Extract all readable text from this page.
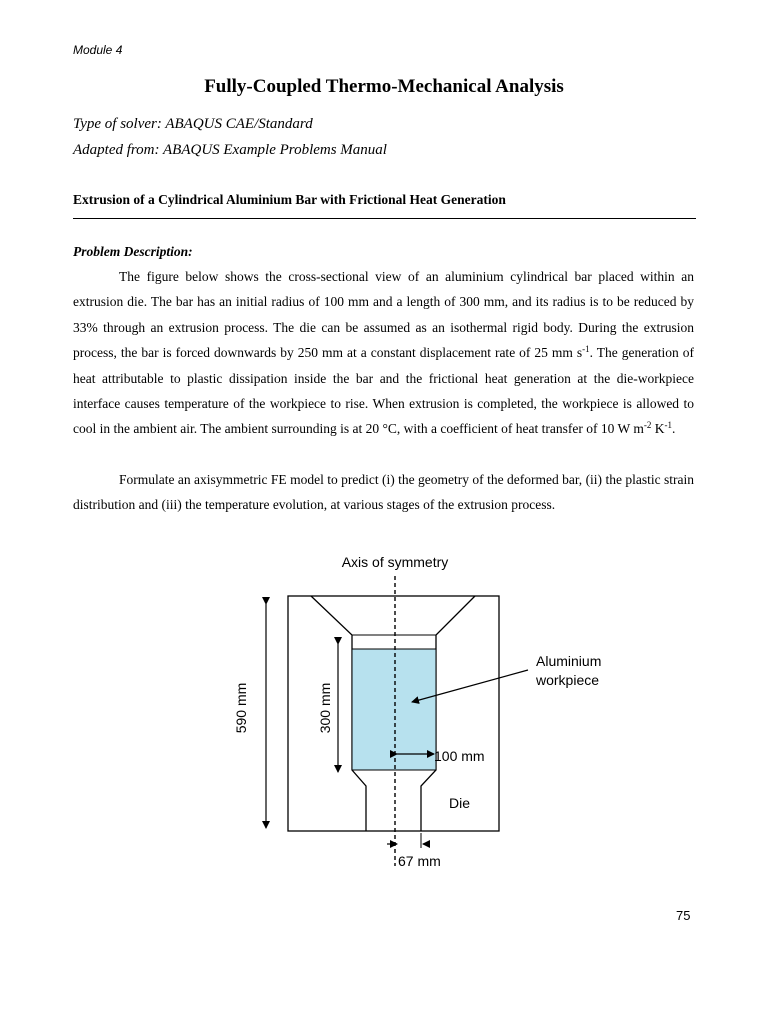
Module 4
Fully-Coupled Thermo-Mechanical Analysis
Type of solver: ABAQUS CAE/Standard
Adapted from: ABAQUS Example Problems Manual
Extrusion of a Cylindrical Aluminium Bar with Frictional Heat Generation
Problem Description:

The figure below shows the cross-sectional view of an aluminium cylindrical bar placed within an extrusion die. The bar has an initial radius of 100 mm and a length of 300 mm, and its radius is to be reduced by 33% through an extrusion process. The die can be assumed as an isothermal rigid body. During the extrusion process, the bar is forced downwards by 250 mm at a constant displacement rate of 25 mm $s^{-1}$. The generation of heat attributable to plastic dissipation inside the bar and the frictional heat generation at the die-workpiece interface causes temperature of the workpiece to rise. When extrusion is completed, the workpiece is allowed to cool in the ambient air. The ambient surrounding is at 20 °C, with a coefficient of heat transfer of 10 W $m^{-2}$ $K^{-1}$.

Formulate an axisymmetric FE model to predict (i) the geometry of the deformed bar, (ii) the plastic strain distribution and (iii) the temperature evolution, at various stages of the extrusion process.

Axis of symmetry
590 mm	300 mm
Aluminium
workpiece
100 mm
Die
67 mm
75
